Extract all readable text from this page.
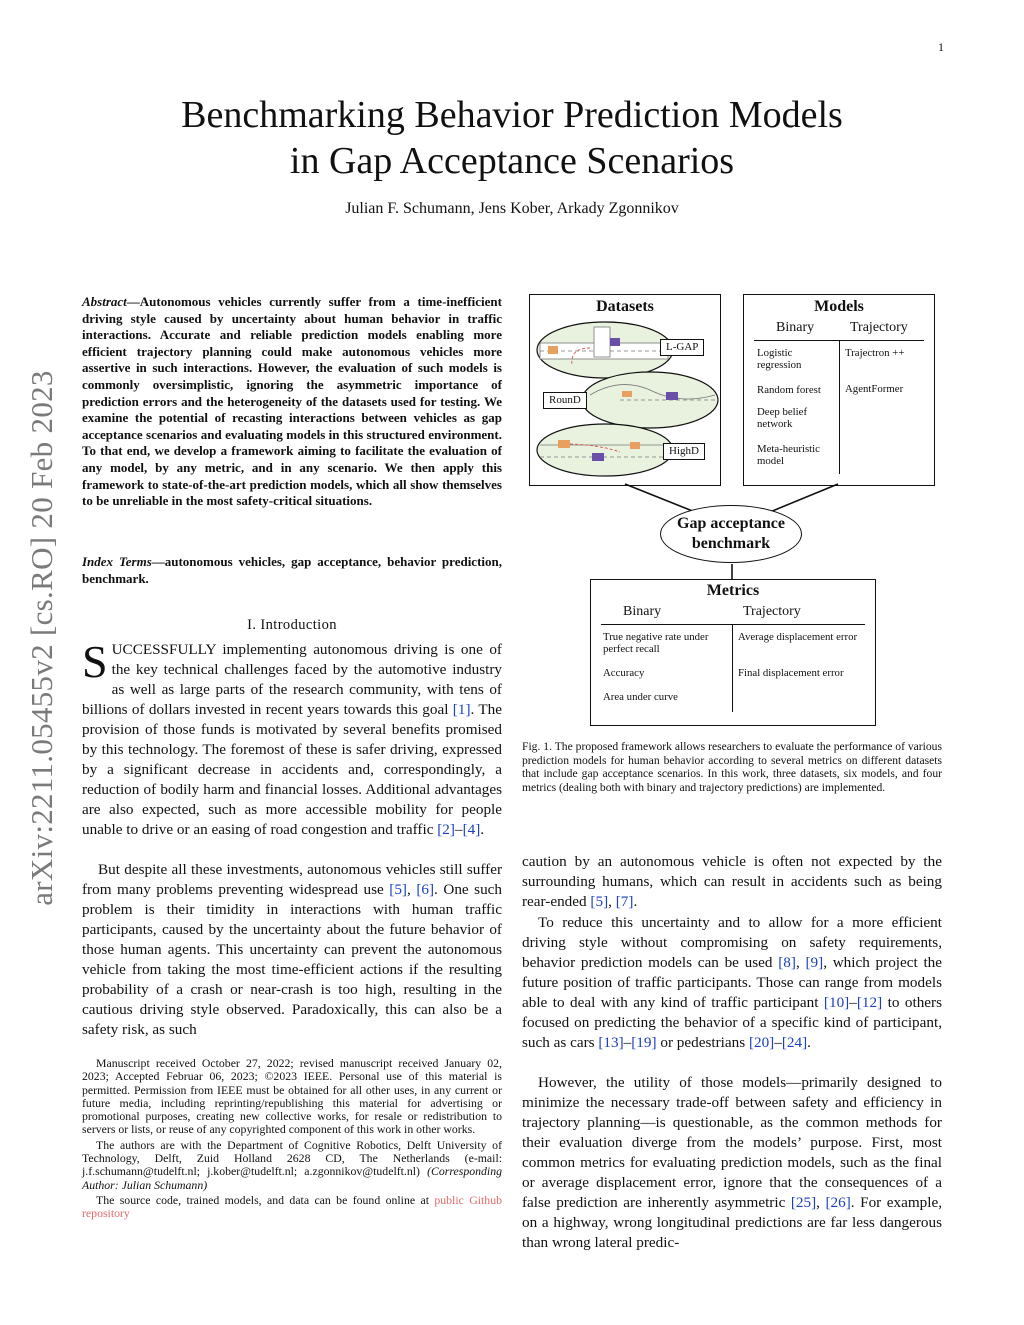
1
Benchmarking Behavior Prediction Models
in Gap Acceptance Scenarios
Julian F. Schumann, Jens Kober, Arkady Zgonnikov
arXiv:2211.05455v2 [cs.RO] 20 Feb 2023
Abstract—Autonomous vehicles currently suffer from a time-inefficient driving style caused by uncertainty about human behavior in traffic interactions. Accurate and reliable prediction models enabling more efficient trajectory planning could make autonomous vehicles more assertive in such interactions. However, the evaluation of such models is commonly oversimplistic, ignoring the asymmetric importance of prediction errors and the heterogeneity of the datasets used for testing. We examine the potential of recasting interactions between vehicles as gap acceptance scenarios and evaluating models in this structured environment. To that end, we develop a framework aiming to facilitate the evaluation of any model, by any metric, and in any scenario. We then apply this framework to state-of-the-art prediction models, which all show themselves to be unreliable in the most safety-critical situations.
Index Terms—autonomous vehicles, gap acceptance, behavior prediction, benchmark.
I. Introduction
SUCCESSFULLY implementing autonomous driving is one of the key technical challenges faced by the automotive industry as well as large parts of the research community, with tens of billions of dollars invested in recent years towards this goal [1]. The provision of those funds is motivated by several benefits promised by this technology. The foremost of these is safer driving, expressed by a significant decrease in accidents and, correspondingly, a reduction of bodily harm and financial losses. Additional advantages are also expected, such as more accessible mobility for people unable to drive or an easing of road congestion and traffic [2]–[4].
But despite all these investments, autonomous vehicles still suffer from many problems preventing widespread use [5], [6]. One such problem is their timidity in interactions with human traffic participants, caused by the uncertainty about the future behavior of those human agents. This uncertainty can prevent the autonomous vehicle from taking the most time-efficient actions if the resulting probability of a crash or near-crash is too high, resulting in the cautious driving style observed. Paradoxically, this can also be a safety risk, as such

Manuscript received October 27, 2022; revised manuscript received January 02, 2023; Accepted Februar 06, 2023; ©2023 IEEE. Personal use of this material is permitted. Permission from IEEE must be obtained for all other uses, in any current or future media, including reprinting/republishing this material for advertising or promotional purposes, creating new collective works, for resale or redistribution to servers or lists, or reuse of any copyrighted component of this work in other works.

The authors are with the Department of Cognitive Robotics, Delft University of Technology, Delft, Zuid Holland 2628 CD, The Netherlands (e-mail: j.f.schumann@tudelft.nl; j.kober@tudelft.nl; a.zgonnikov@tudelft.nl) (Corresponding Author: Julian Schumann)

The source code, trained models, and data can be found online at public Github repository

Datasets
L-GAP
RounD
HighD
Models
Binary	Trajectory
Logistic regression
Random forest
Deep belief network
Meta-heuristic model
Trajectron ++
AgentFormer
Gap acceptance
benchmark
Metrics
Binary	Trajectory
True negative rate under perfect recall
Accuracy
Area under curve
Average displacement error
Final displacement error
Fig. 1. The proposed framework allows researchers to evaluate the performance of various prediction models for human behavior according to several metrics on different datasets that include gap acceptance scenarios. In this work, three datasets, six models, and four metrics (dealing both with binary and trajectory predictions) are implemented.
caution by an autonomous vehicle is often not expected by the surrounding humans, which can result in accidents such as being rear-ended [5], [7].
To reduce this uncertainty and to allow for a more efficient driving style without compromising on safety requirements, behavior prediction models can be used [8], [9], which project the future position of traffic participants. Those can range from models able to deal with any kind of traffic participant [10]–[12] to others focused on predicting the behavior of a specific kind of participant, such as cars [13]–[19] or pedestrians [20]–[24].
However, the utility of those models—primarily designed to minimize the necessary trade-off between safety and efficiency in trajectory planning—is questionable, as the common methods for their evaluation diverge from the models’ purpose. First, most common metrics for evaluating prediction models, such as the final or average displacement error, ignore that the consequences of a false prediction are inherently asymmetric [25], [26]. For example, on a highway, wrong longitudinal predictions are far less dangerous than wrong lateral predic-
